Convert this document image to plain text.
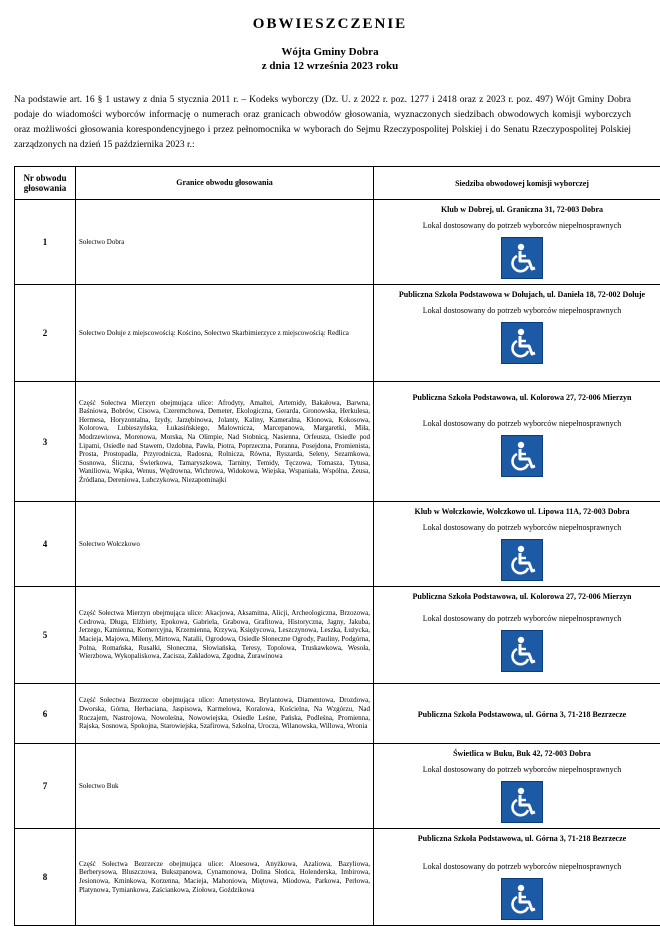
OBWIESZCZENIE
Wójta Gminy Dobra
z dnia 12 września 2023 roku
Na podstawie art. 16 § 1 ustawy z dnia 5 stycznia 2011 r. – Kodeks wyborczy (Dz. U. z 2022 r. poz. 1277 i 2418 oraz z 2023 r. poz. 497) Wójt Gminy Dobra podaje do wiadomości wyborców informację o numerach oraz granicach obwodów głosowania, wyznaczonych siedzibach obwodowych komisji wyborczych oraz możliwości głosowania korespondencyjnego i przez pełnomocnika w wyborach do Sejmu Rzeczypospolitej Polskiej i do Senatu Rzeczypospolitej Polskiej zarządzonych na dzień 15 października 2023 r.:
Nr obwodu głosowania	Granice obwodu głosowania	Siedziba obwodowej komisji wyborczej
1	Sołectwo Dobra	Klub w Dobrej, ul. Graniczna 31, 72-003 Dobra
Lokal dostosowany do potrzeb wyborców niepełnosprawnych

2	Sołectwo Dołuje z miejscowością: Kościno, Sołectwo Skarbimierzyce z miejscowością: Redlica	Publiczna Szkoła Podstawowa w Dołujach, ul. Daniela 18, 72-002 Dołuje
Lokal dostosowany do potrzeb wyborców niepełnosprawnych

3	Część Sołectwa Mierzyn obejmująca ulice: Afrodyty, Amaltei, Artemidy, Bakałowa, Barwna, Baśniowa, Bobrów, Cisowa, Czeremchowa, Demeter, Ekologiczna, Gerarda, Gronowska, Herkulesa, Hermesa, Horyzontalna, Izydy, Jarzębinowa, Jolanty, Kaliny, Kameralna, Klonowa, Kokosowa, Kolorowa, Lubieszyńska, Łukasińskiego, Malownicza, Marcepanowa, Margaretki, Miła, Modrzewiowa, Morenowa, Morska, Na Olimpie, Nad Stobnicą, Nasienna, Orfeusza, Osiedle pod Lipami, Osiedle nad Stawem, Ozdobna, Pawła, Piotra, Poprzeczna, Poranna, Posejdona, Promienista, Prosta, Prostopadła, Przyrodnicza, Radosna, Rolnicza, Równa, Ryszarda, Seleny, Sezamkowa, Sosnowa, Śliczna, Świerkowa, Tamaryszkowa, Tarniny, Temidy, Tęczowa, Tomasza, Tytusa, Waniliowa, Wąska, Wenus, Wędrowna, Wichrowa, Widokowa, Wiejska, Wspaniała, Wspólna, Zeusa, Źródlana, Dereniowa, Lubczykowa, Niezapominajki	Publiczna Szkoła Podstawowa, ul. Kolorowa 27, 72-006 Mierzyn
Lokal dostosowany do potrzeb wyborców niepełnosprawnych

4	Sołectwo Wołczkowo	Klub w Wołczkowie, Wołczkowo ul. Lipowa 11A, 72-003 Dobra
Lokal dostosowany do potrzeb wyborców niepełnosprawnych

5	Część Sołectwa Mierzyn obejmująca ulice: Akacjowa, Aksamitna, Alicji, Archeologiczna, Brzozowa, Cedrowa, Długa, Elżbiety, Epokowa, Gabriela, Grabowa, Grafitowa, Historyczna, Jagny, Jakuba, Jerzego, Kamienna, Komercyjna, Krzemienna, Krzywa, Księżycowa, Leszczynowa, Leszka, Łużycka, Macieja, Majowa, Miłeny, Mirtowa, Natalii, Ogrodowa, Osiedle Słoneczne Ogrody, Pauliny, Podgórna, Polna, Romańska, Rusałki, Słoneczna, Słowiańska, Teresy, Topolowa, Truskawkowa, Wesoła, Wierzbowa, Wykopaliskowa, Zacisza, Zakładowa, Zgodna, Żurawinowa	Publiczna Szkoła Podstawowa, ul. Kolorowa 27, 72-006 Mierzyn
Lokal dostosowany do potrzeb wyborców niepełnosprawnych

6	Część Sołectwa Bezrzecze obejmująca ulice: Ametystowa, Brylantowa, Diamentowa, Drozdowa, Dworska, Górna, Herbaciana, Jaspisowa, Karmelowa, Koralowa, Kościelna, Na Wzgórzu, Nad Ruczajem, Nastrojowa, Nowoleśna, Nowowiejska, Osiedle Leśne, Pańska, Podleśna, Promienna, Rajska, Sosnowa, Spokojna, Starowiejska, Szafirowa, Szkolna, Urocza, Wilanowska, Willowa, Wronia	Publiczna Szkoła Podstawowa, ul. Górna 3, 71-218 Bezrzecze

7	Sołectwo Buk	Świetlica w Buku, Buk 42, 72-003 Dobra
Lokal dostosowany do potrzeb wyborców niepełnosprawnych

8	Część Sołectwa Bezrzecze obejmująca ulice: Aloesowa, Anyżkowa, Azaliowa, Bazyliowa, Berberysowa, Bluszczowa, Bukszpanowa, Cynamonowa, Dolina Słońca, Holenderska, Imbirowa, Jesionowa, Kminkowa, Korzenna, Macieja, Mahoniowa, Miętowa, Miodowa, Parkowa, Perłowa, Platynowa, Tymiankowa, Zaściankowa, Ziołowa, Goździkowa	Publiczna Szkoła Podstawowa, ul. Górna 3, 71-218 Bezrzecze
Lokal dostosowany do potrzeb wyborców niepełnosprawnych
